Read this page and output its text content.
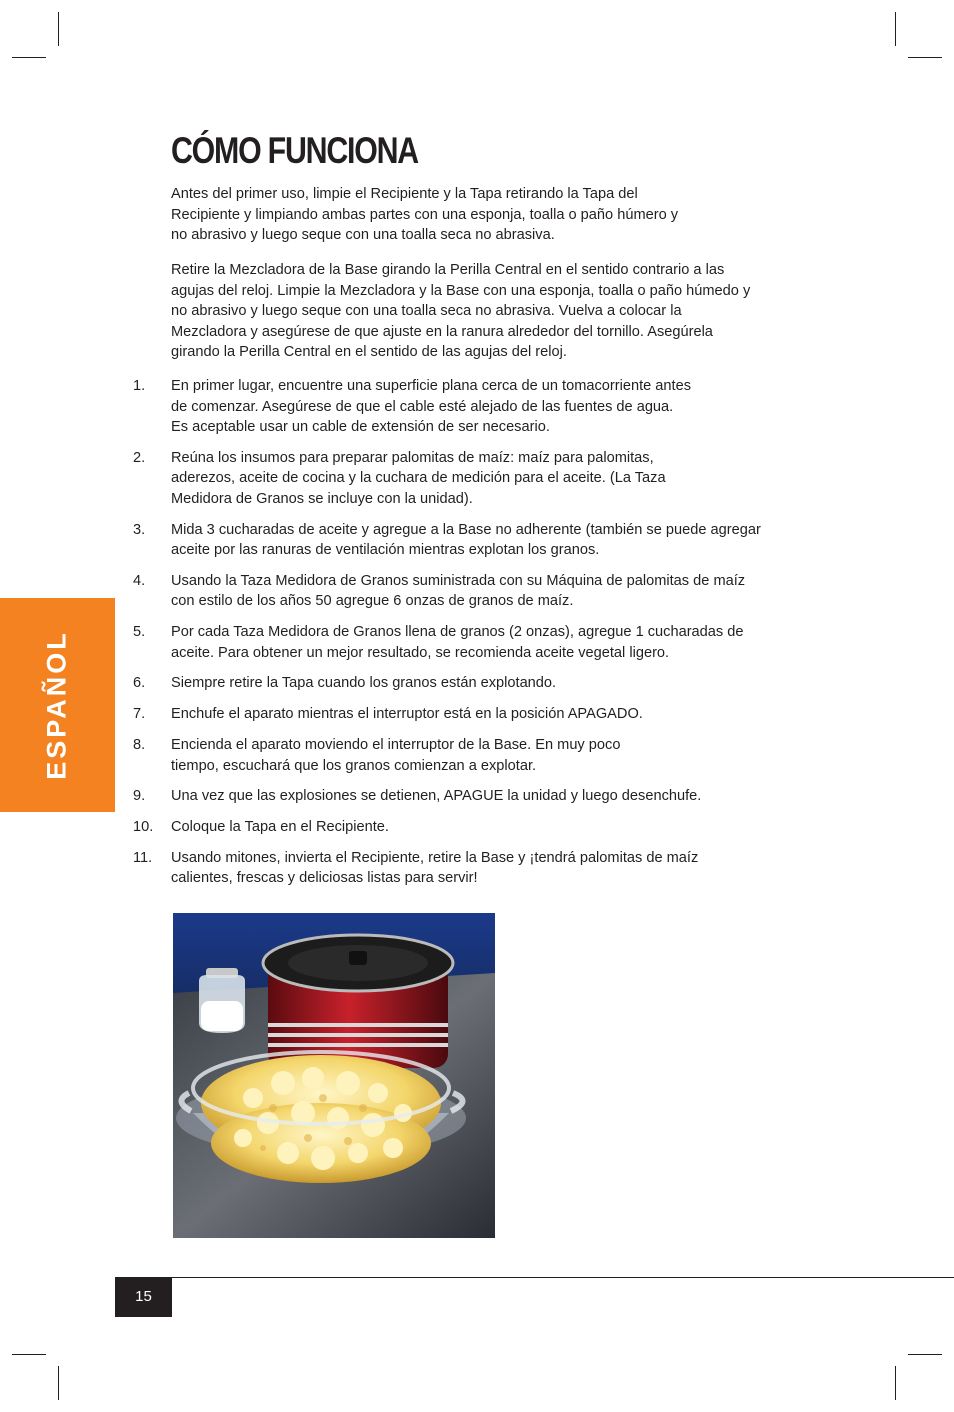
CÓMO FUNCIONA

Antes del primer uso, limpie el Recipiente y la Tapa retirando la Tapa del Recipiente y limpiando ambas partes con una esponja, toalla o paño húmero y no abrasivo y luego seque con una toalla seca no abrasiva.

Retire la Mezcladora de la Base girando la Perilla Central en el sentido contrario a las agujas del reloj. Limpie la Mezcladora y la Base con una esponja, toalla o paño húmedo y no abrasivo y luego seque con una toalla seca no abrasiva. Vuelva a colocar la Mezcladora y asegúrese de que ajuste en la ranura alrededor del tornillo. Asegúrela girando la Perilla Central en el sentido de las agujas del reloj.

1. En primer lugar, encuentre una superficie plana cerca de un tomacorriente antes de comenzar. Asegúrese de que el cable esté alejado de las fuentes de agua. Es aceptable usar un cable de extensión de ser necesario.
2. Reúna los insumos para preparar palomitas de maíz: maíz para palomitas, aderezos, aceite de cocina y la cuchara de medición para el aceite. (La Taza Medidora de Granos se incluye con la unidad).
3. Mida 3 cucharadas de aceite y agregue a la Base no adherente (también se puede agregar aceite por las ranuras de ventilación mientras explotan los granos.
4. Usando la Taza Medidora de Granos suministrada con su Máquina de palomitas de maíz con estilo de los años 50 agregue 6 onzas de granos de maíz.
5. Por cada Taza Medidora de Granos llena de granos (2 onzas), agregue 1 cucharadas de aceite. Para obtener un mejor resultado, se recomienda aceite vegetal ligero.
6. Siempre retire la Tapa cuando los granos están explotando.
7. Enchufe el aparato mientras el interruptor está en la posición APAGADO.
8. Encienda el aparato moviendo el interruptor de la Base. En muy poco tiempo, escuchará que los granos comienzan a explotar.
9. Una vez que las explosiones se detienen, APAGUE la unidad y luego desenchufe.
10. Coloque la Tapa en el Recipiente.
11. Usando mitones, invierta el Recipiente, retire la Base y ¡tendrá palomitas de maíz calientes, frescas y deliciosas listas para servir!
ESPAÑOL
15
